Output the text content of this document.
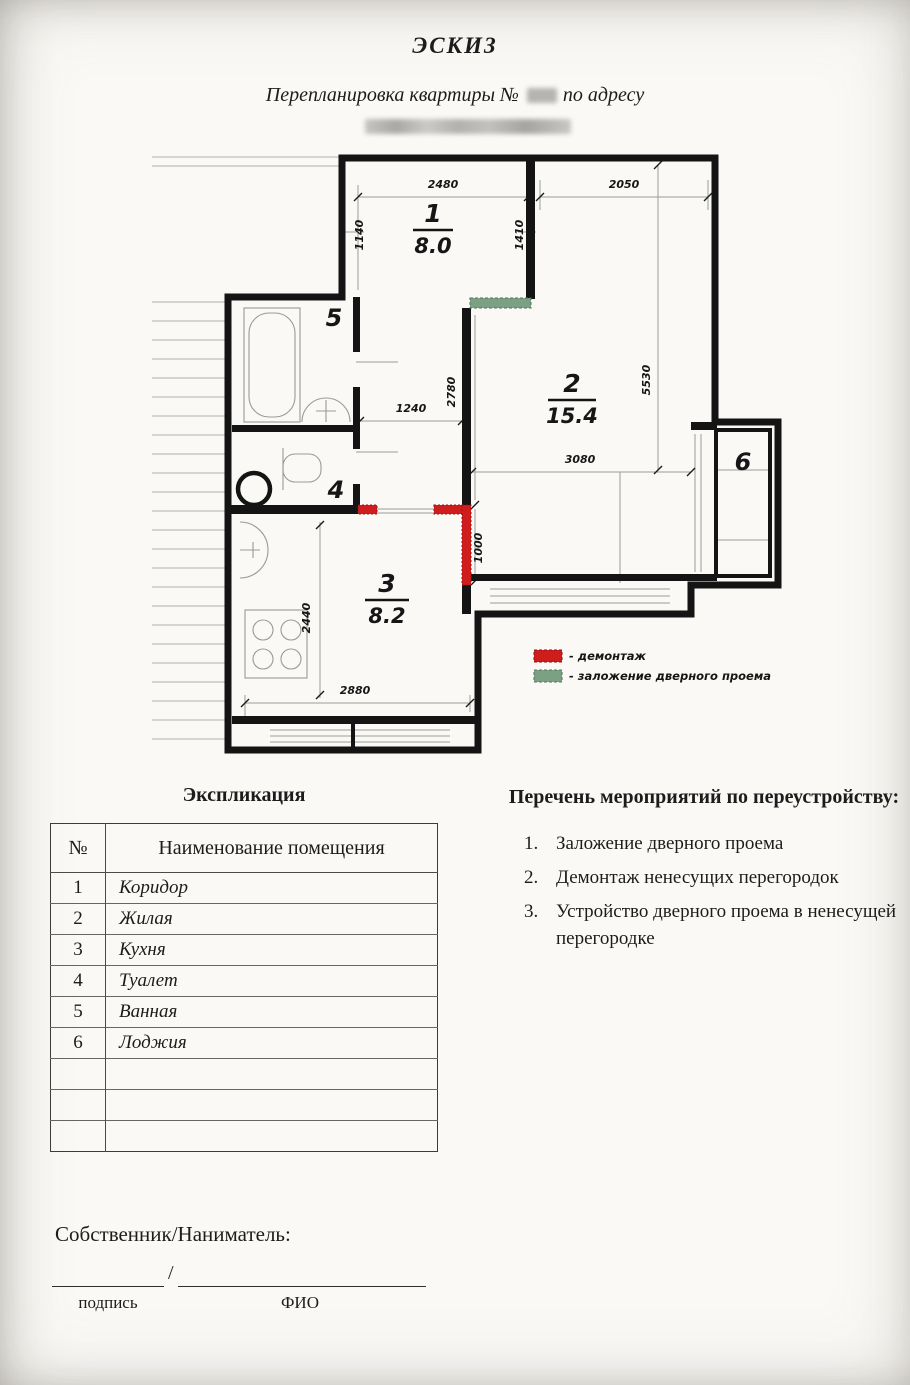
ЭСКИЗ
Перепланировка квартиры № по адресу
2480	2050
1140	1410
1240
2780	5530
3080
1000
2440
2880
1
8.0
2
15.4
3
8.2
4
5
6
- демонтаж
- заложение дверного проема
Экспликация
№	Наименование помещения
1	Коридор
2	Жилая
3	Кухня
4	Туалет
5	Ванная
6	Лоджия

Перечень мероприятий по переустройству:
1. Заложение дверного проема
2. Демонтаж ненесущих перегородок
3. Устройство дверного проема в ненесущей перегородке
Собственник/Наниматель:
/
подпись	ФИО
